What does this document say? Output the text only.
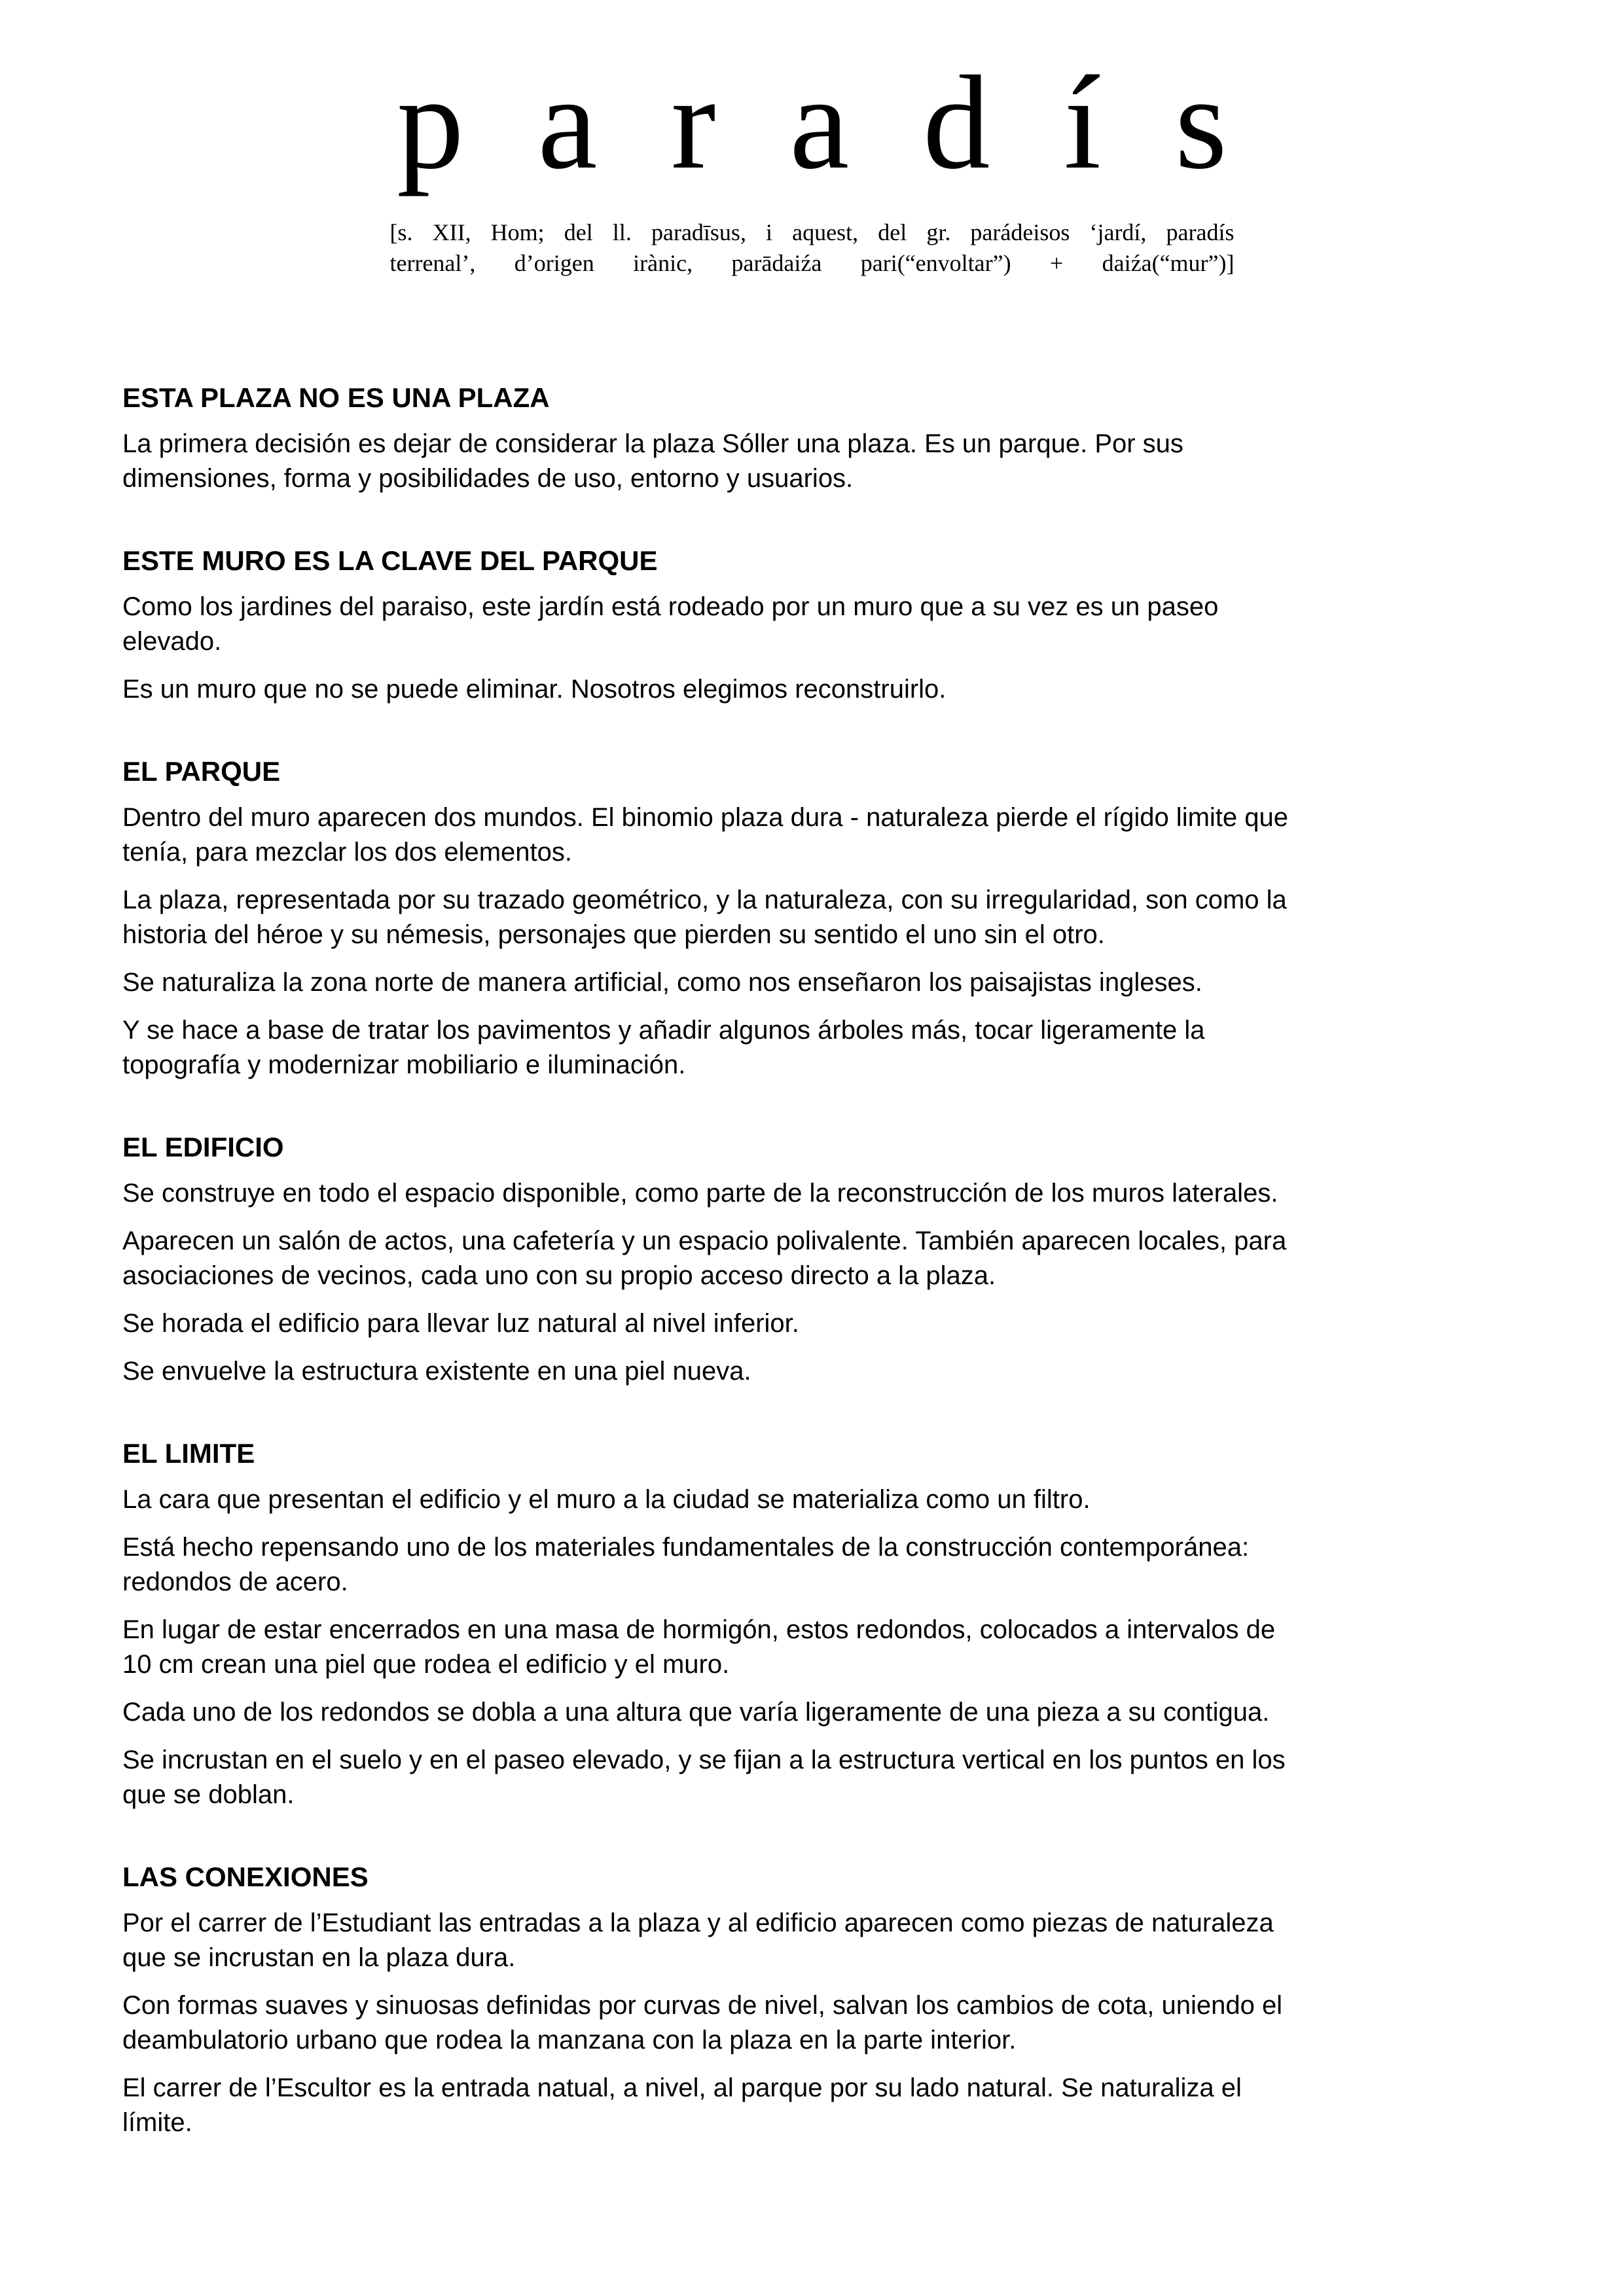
paradís
[s. XII, Hom; del ll. paradīsus, i aquest, del gr. parádeisos ‘jardí, paradís
terrenal’, d’origen irànic, parādaiźa pari(“envoltar”) + daiźa(“mur”)]
ESTA PLAZA NO ES UNA PLAZA

La primera decisión es dejar de considerar la plaza Sóller una plaza. Es un parque. Por sus
dimensiones, forma y posibilidades de uso, entorno y usuarios.

ESTE MURO ES LA CLAVE DEL PARQUE

Como los jardines del paraiso, este jardín está rodeado por un muro que a su vez es un paseo
elevado.

Es un muro que no se puede eliminar. Nosotros elegimos reconstruirlo.

EL PARQUE

Dentro del muro aparecen dos mundos. El binomio plaza dura - naturaleza pierde el rígido limite que
tenía, para mezclar los dos elementos.

La plaza, representada por su trazado geométrico, y la naturaleza, con su irregularidad, son como la
historia del héroe y su némesis, personajes que pierden su sentido el uno sin el otro.

Se naturaliza la zona norte de manera artificial, como nos enseñaron los paisajistas ingleses.

Y se hace a base de tratar los pavimentos y añadir algunos árboles más, tocar ligeramente la
topografía y modernizar mobiliario e iluminación.

EL EDIFICIO

Se construye en todo el espacio disponible, como parte de la reconstrucción de los muros laterales.

Aparecen un salón de actos, una cafetería y un espacio polivalente. También aparecen locales, para
asociaciones de vecinos, cada uno con su propio acceso directo a la plaza.

Se horada el edificio para llevar luz natural al nivel inferior.

Se envuelve la estructura existente en una piel nueva.

EL LIMITE

La cara que presentan el edificio y el muro a la ciudad se materializa como un filtro.

Está hecho repensando uno de los materiales fundamentales de la construcción contemporánea:
redondos de acero.

En lugar de estar encerrados en una masa de hormigón, estos redondos, colocados a intervalos de
10 cm crean una piel que rodea el edificio y el muro.

Cada uno de los redondos se dobla a una altura que varía ligeramente de una pieza a su contigua.

Se incrustan en el suelo y en el paseo elevado, y se fijan a la estructura vertical en los puntos en los
que se doblan.

LAS CONEXIONES

Por el carrer de l’Estudiant las entradas a la plaza y al edificio aparecen como piezas de naturaleza
que se incrustan en la plaza dura.

Con formas suaves y sinuosas definidas por curvas de nivel, salvan los cambios de cota, uniendo el
deambulatorio urbano que rodea la manzana con la plaza en la parte interior.

El carrer de l’Escultor es la entrada natual, a nivel, al parque por su lado natural. Se naturaliza el
límite.
